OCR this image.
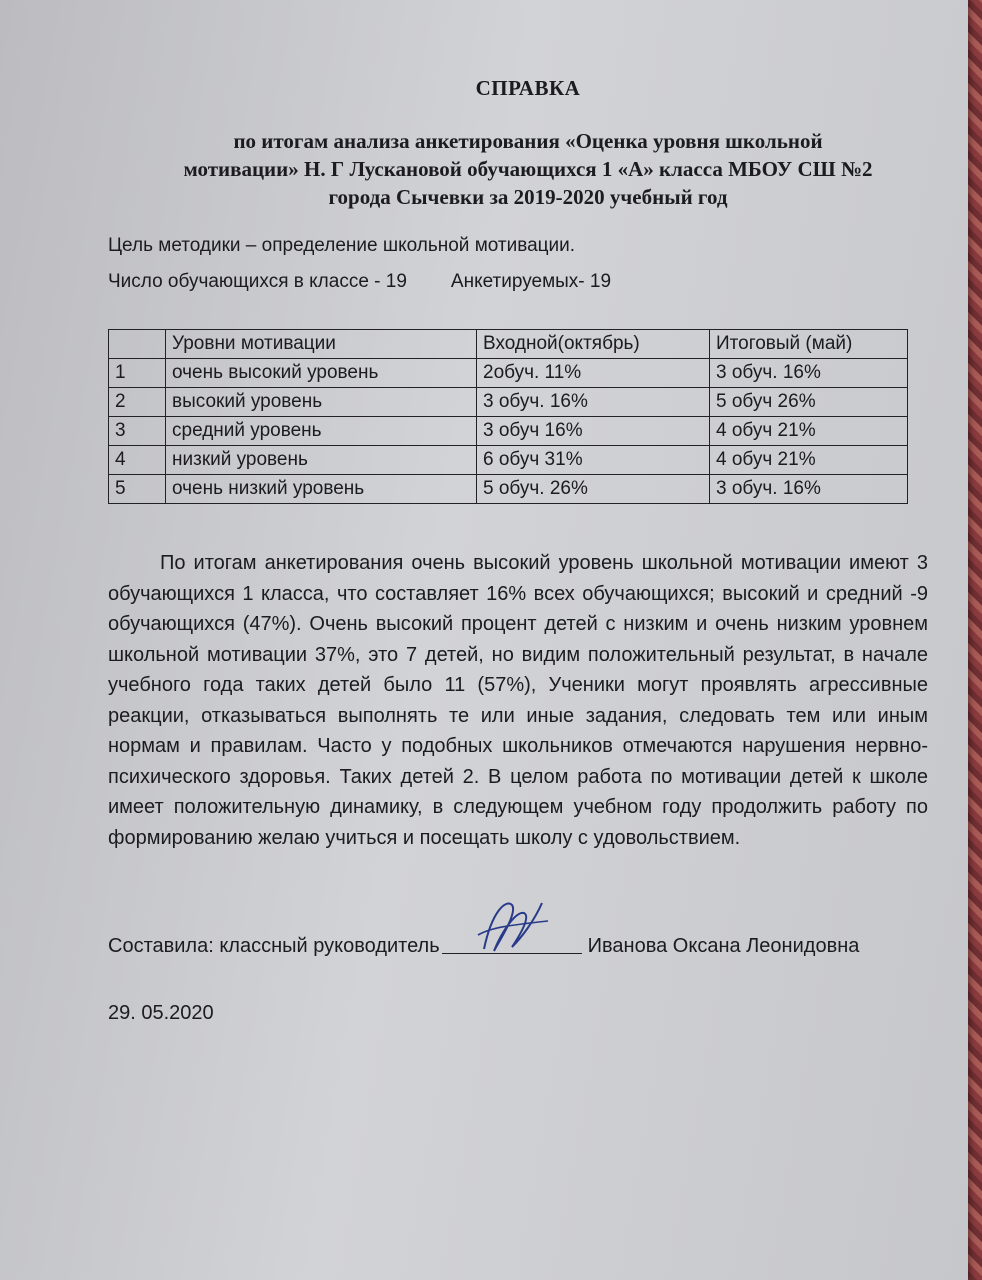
СПРАВКА
по итогам анализа анкетирования «Оценка уровня школьной
мотивации» Н. Г Лускановой обучающихся 1 «А» класса МБОУ СШ №2
города Сычевки за 2019-2020 учебный год
Цель методики – определение школьной мотивации.
Число обучающихся в классе - 19 Анкетируемых- 19
	Уровни мотивации	Входной(октябрь)	Итоговый (май)
1	очень высокий уровень	2обуч. 11%	3 обуч. 16%
2	высокий уровень	3 обуч. 16%	5 обуч 26%
3	средний уровень	3 обуч 16%	4 обуч 21%
4	низкий уровень	6 обуч 31%	4 обуч 21%
5	очень низкий уровень	5 обуч. 26%	3 обуч. 16%
По итогам анкетирования очень высокий уровень школьной мотивации имеют 3 обучающихся 1 класса, что составляет 16% всех обучающихся; высокий и средний -9 обучающихся (47%). Очень высокий процент детей с низким и очень низким уровнем школьной мотивации 37%, это 7 детей, но видим положительный результат, в начале учебного года таких детей было 11 (57%), Ученики могут проявлять агрессивные реакции, отказываться выполнять те или иные задания, следовать тем или иным нормам и правилам. Часто у подобных школьников отмечаются нарушения нервно-психического здоровья. Таких детей 2. В целом работа по мотивации детей к школе имеет положительную динамику, в следующем учебном году продолжить работу по формированию желаю учиться и посещать школу с удовольствием.
Составила: классный руководитель	Иванова Оксана Леонидовна
29. 05.2020
